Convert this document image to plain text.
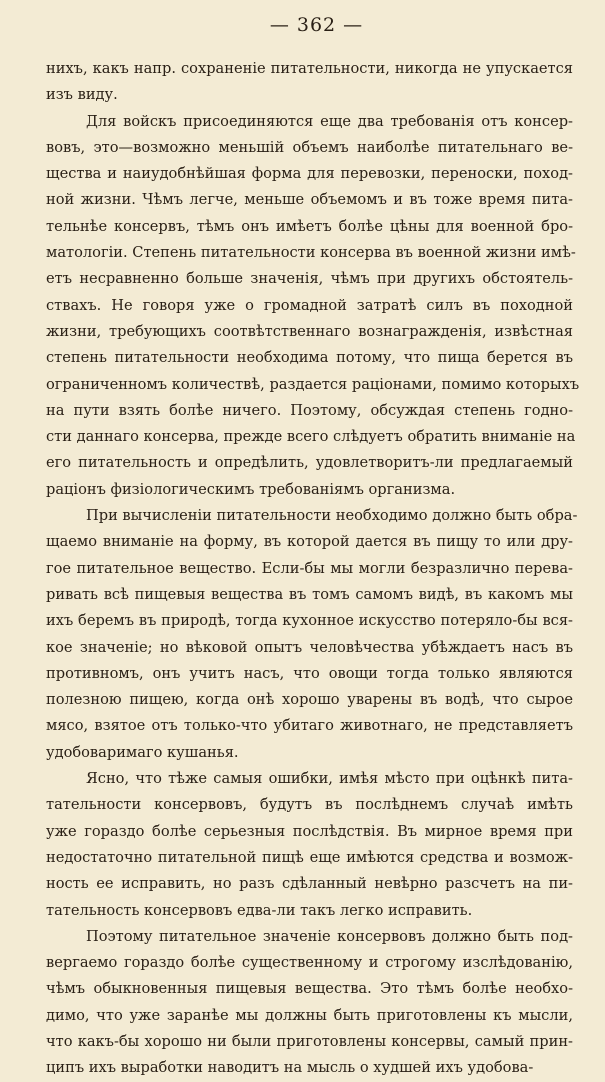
— 362 —
нихъ, какъ напр. сохраненіе питательности, никогда не упускается
изъ виду.
Для войскъ присоединяются еще два требованія отъ консер-
вовъ, это—возможно меньшій объемъ наиболѣе питательнаго ве-
щества и наиудобнѣйшая форма для перевозки, переноски, поход-
ной жизни. Чѣмъ легче, меньше объемомъ и въ тоже время пита-
тельнѣе консервъ, тѣмъ онъ имѣетъ болѣе цѣны для военной бро-
матологіи. Степень питательности консерва въ военной жизни имѣ-
етъ несравненно больше значенія, чѣмъ при другихъ обстоятель-
ствахъ. Не говоря уже о громадной затратѣ силъ въ походной
жизни, требующихъ соотвѣтственнаго вознагражденія, извѣстная
степень питательности необходима потому, что пища берется въ
ограниченномъ количествѣ, раздается раціонами, помимо которыхъ
на пути взять болѣе ничего. Поэтому, обсуждая степень годно-
сти даннаго консерва, прежде всего слѣдуетъ обратить вниманіе на
его питательность и опредѣлить, удовлетворитъ-ли предлагаемый
раціонъ физіологическимъ требованіямъ организма.
При вычисленіи питательности необходимо должно быть обра-
щаемо вниманіе на форму, въ которой дается въ пищу то или дру-
гое питательное вещество. Если-бы мы могли безразлично перева-
ривать всѣ пищевыя вещества въ томъ самомъ видѣ, въ какомъ мы
ихъ беремъ въ природѣ, тогда кухонное искусство потеряло-бы вся-
кое значеніе; но вѣковой опытъ человѣчества убѣждаетъ насъ въ
противномъ, онъ учитъ насъ, что овощи тогда только являются
полезною пищею, когда онѣ хорошо уварены въ водѣ, что сырое
мясо, взятое отъ только-что убитаго животнаго, не представляетъ
удобоваримаго кушанья.
Ясно, что тѣже самыя ошибки, имѣя мѣсто при оцѣнкѣ пита-
тательности консервовъ, будутъ въ послѣднемъ случаѣ имѣть
уже гораздо болѣе серьезныя послѣдствія. Въ мирное время при
недостаточно питательной пищѣ еще имѣются средства и возмож-
ность ее исправить, но разъ сдѣланный невѣрно разсчетъ на пи-
тательность консервовъ едва-ли такъ легко исправить.
Поэтому питательное значеніе консервовъ должно быть под-
вергаемо гораздо болѣе существенному и строгому изслѣдованію,
чѣмъ обыкновенныя пищевыя вещества. Это тѣмъ болѣе необхо-
димо, что уже заранѣе мы должны быть приготовлены къ мысли,
что какъ-бы хорошо ни были приготовлены консервы, самый прин-
ципъ ихъ выработки наводитъ на мысль о худшей ихъ удобова-
